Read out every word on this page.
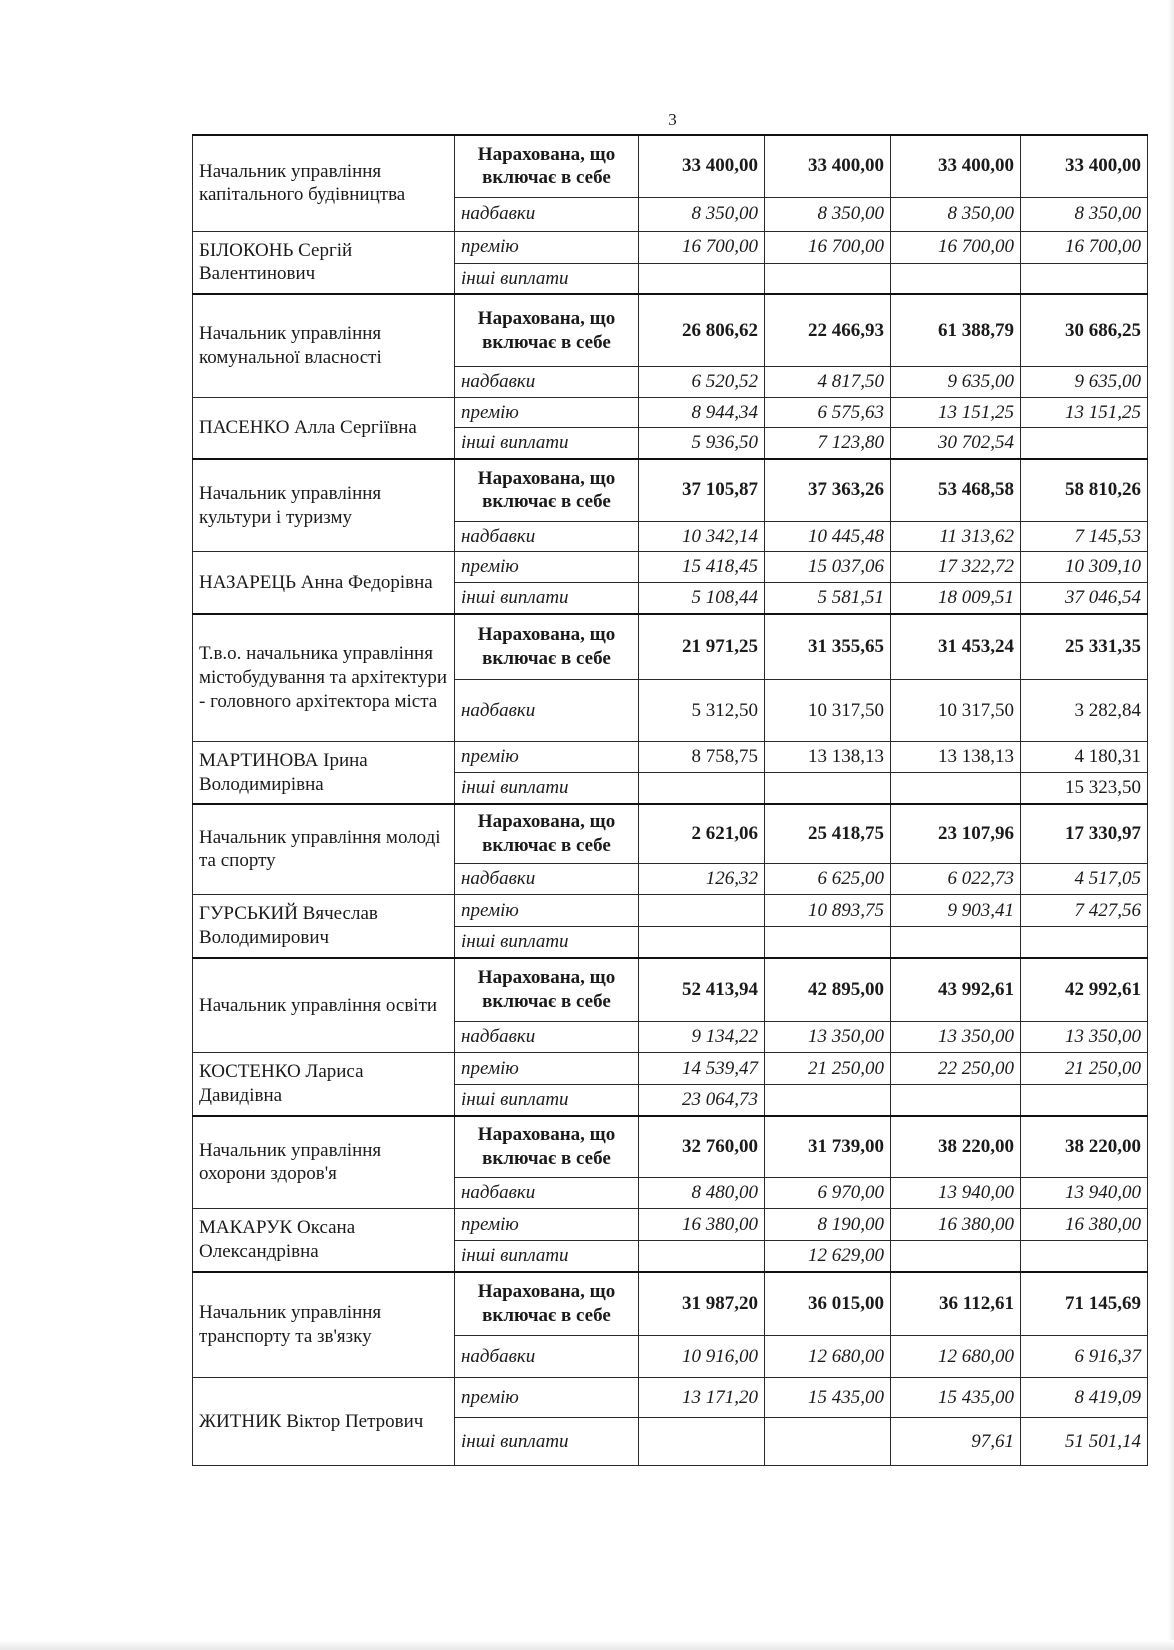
3
Начальник управління капітального будівництва	Нарахована, що включає в себе	33 400,00	33 400,00	33 400,00	33 400,00
	надбавки	8 350,00	8 350,00	8 350,00	8 350,00
БІЛОКОНЬ Сергій Валентинович	премію	16 700,00	16 700,00	16 700,00	16 700,00
	інші виплати				
Начальник управління комунальної власності	Нарахована, що включає в себе	26 806,62	22 466,93	61 388,79	30 686,25
	надбавки	6 520,52	4 817,50	9 635,00	9 635,00
ПАСЕНКО Алла Сергіївна	премію	8 944,34	6 575,63	13 151,25	13 151,25
	інші виплати	5 936,50	7 123,80	30 702,54	
Начальник управління культури і туризму	Нарахована, що включає в себе	37 105,87	37 363,26	53 468,58	58 810,26
	надбавки	10 342,14	10 445,48	11 313,62	7 145,53
НАЗАРЕЦЬ Анна Федорівна	премію	15 418,45	15 037,06	17 322,72	10 309,10
	інші виплати	5 108,44	5 581,51	18 009,51	37 046,54
Т.в.о. начальника управління містобудування та архітектури - головного архітектора міста	Нарахована, що включає в себе	21 971,25	31 355,65	31 453,24	25 331,35
	надбавки	5 312,50	10 317,50	10 317,50	3 282,84
МАРТИНОВА Ірина Володимирівна	премію	8 758,75	13 138,13	13 138,13	4 180,31
	інші виплати				15 323,50
Начальник управління молоді та спорту	Нарахована, що включає в себе	2 621,06	25 418,75	23 107,96	17 330,97
	надбавки	126,32	6 625,00	6 022,73	4 517,05
ГУРСЬКИЙ Вячеслав Володимирович	премію		10 893,75	9 903,41	7 427,56
	інші виплати				
Начальник управління освіти	Нарахована, що включає в себе	52 413,94	42 895,00	43 992,61	42 992,61
	надбавки	9 134,22	13 350,00	13 350,00	13 350,00
КОСТЕНКО Лариса Давидівна	премію	14 539,47	21 250,00	22 250,00	21 250,00
	інші виплати	23 064,73			
Начальник управління охорони здоров'я	Нарахована, що включає в себе	32 760,00	31 739,00	38 220,00	38 220,00
	надбавки	8 480,00	6 970,00	13 940,00	13 940,00
МАКАРУК Оксана Олександрівна	премію	16 380,00	8 190,00	16 380,00	16 380,00
	інші виплати		12 629,00		
Начальник управління транспорту та зв'язку	Нарахована, що включає в себе	31 987,20	36 015,00	36 112,61	71 145,69
	надбавки	10 916,00	12 680,00	12 680,00	6 916,37
ЖИТНИК Віктор Петрович	премію	13 171,20	15 435,00	15 435,00	8 419,09
	інші виплати			97,61	51 501,14
